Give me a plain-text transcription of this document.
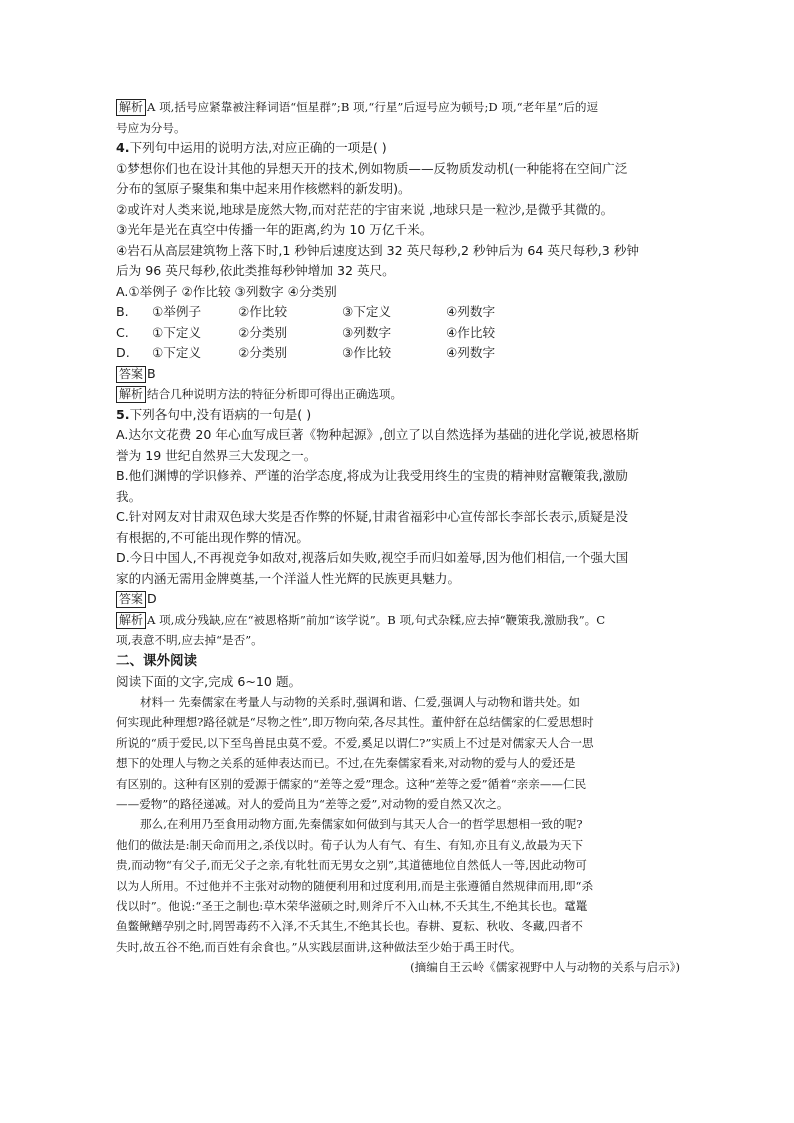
解析 A 项,括号应紧靠被注释词语“恒星群”;B 项,“行星”后逗号应为顿号;D 项,“老年星”后的逗
号应为分号。
4.下列句中运用的说明方法,对应正确的一项是( )
①梦想你们也在设计其他的异想天开的技术,例如物质——反物质发动机(一种能将在空间广泛
分布的氢原子聚集和集中起来用作核燃料的新发明)。
②或许对人类来说,地球是庞然大物,而对茫茫的宇宙来说 ,地球只是一粒沙,是微乎其微的。
③光年是光在真空中传播一年的距离,约为 10 万亿千米。
④岩石从高层建筑物上落下时,1 秒钟后速度达到 32 英尺每秒,2 秒钟后为 64 英尺每秒,3 秒钟
后为 96 英尺每秒,依此类推每秒钟增加 32 英尺。
A.①举例子 ②作比较 ③列数字 ④分类别
B.	①举例子	②作比较	③下定义	④列数字
C.	①下定义	②分类别	③列数字	④作比较
D.	①下定义	②分类别	③作比较	④列数字
答案 B
解析 结合几种说明方法的特征分析即可得出正确选项。
5.下列各句中,没有语病的一句是( )
A.达尔文花费 20 年心血写成巨著《物种起源》,创立了以自然选择为基础的进化学说,被恩格斯
誉为 19 世纪自然界三大发现之一。
B.他们渊博的学识修养、严谨的治学态度,将成为让我受用终生的宝贵的精神财富鞭策我,激励
我。
C.针对网友对甘肃双色球大奖是否作弊的怀疑,甘肃省福彩中心宣传部长李部长表示,质疑是没
有根据的,不可能出现作弊的情况。
D.今日中国人,不再视竞争如敌对,视落后如失败,视空手而归如羞辱,因为他们相信,一个强大国
家的内涵无需用金牌奠基,一个洋溢人性光辉的民族更具魅力。
答案 D
解析 A 项,成分残缺,应在“被恩格斯”前加“该学说”。B 项,句式杂糅,应去掉“鞭策我,激励我”。C
项,表意不明,应去掉“是否”。
二、课外阅读
阅读下面的文字,完成 6~10 题。
材料一 先秦儒家在考量人与动物的关系时,强调和谐、仁爱,强调人与动物和谐共处。如
何实现此种理想?路径就是“尽物之性”,即万物向荣,各尽其性。董仲舒在总结儒家的仁爱思想时
所说的“质于爱民,以下至鸟兽昆虫莫不爱。不爱,奚足以谓仁?”实质上不过是对儒家天人合一思
想下的处理人与物之关系的延伸表达而已。不过,在先秦儒家看来,对动物的爱与人的爱还是
有区别的。这种有区别的爱源于儒家的“差等之爱”理念。这种“差等之爱”循着“亲亲——仁民
——爱物”的路径递减。对人的爱尚且为“差等之爱”,对动物的爱自然又次之。
那么,在利用乃至食用动物方面,先秦儒家如何做到与其天人合一的哲学思想相一致的呢?
他们的做法是:制天命而用之,杀伐以时。荀子认为人有气、有生、有知,亦且有义,故最为天下
贵,而动物“有父子,而无父子之亲,有牝牡而无男女之别”,其道德地位自然低人一等,因此动物可
以为人所用。不过他并不主张对动物的随便利用和过度利用,而是主张遵循自然规律而用,即“杀
伐以时”。他说:“圣王之制也:草木荣华滋硕之时,则斧斤不入山林,不夭其生,不绝其长也。鼋鼍
鱼鳖鳅鳝孕别之时,罔罟毒药不入泽,不夭其生,不绝其长也。春耕、夏耘、秋收、冬藏,四者不
失时,故五谷不绝,而百姓有余食也。”从实践层面讲,这种做法至少始于禹王时代。
(摘编自王云岭《儒家视野中人与动物的关系与启示》)
